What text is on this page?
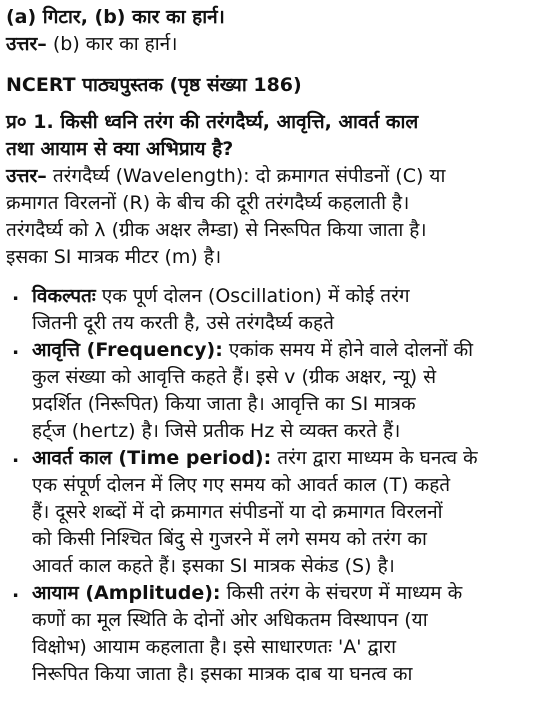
(a) गिटार, (b) कार का हार्न।
उत्तर– (b) कार का हार्न।
NCERT पाठ्यपुस्तक (पृष्ठ संख्या 186)
प्र० 1. किसी ध्वनि तरंग की तरंगदैर्घ्य, आवृत्ति, आवर्त काल
तथा आयाम से क्या अभिप्राय है?
उत्तर– तरंगदैर्घ्य (Wavelength): दो क्रमागत संपीडनों (C) या
क्रमागत विरलनों (R) के बीच की दूरी तरंगदैर्घ्य कहलाती है।
तरंगदैर्घ्य को λ (ग्रीक अक्षर लैम्डा) से निरूपित किया जाता है।
इसका SI मात्रक मीटर (m) है।
. विकल्पतः एक पूर्ण दोलन (Oscillation) में कोई तरंग
जितनी दूरी तय करती है, उसे तरंगदैर्घ्य कहते
. आवृत्ति (Frequency): एकांक समय में होने वाले दोलनों की
कुल संख्या को आवृत्ति कहते हैं। इसे v (ग्रीक अक्षर, न्यू) से
प्रदर्शित (निरूपित) किया जाता है। आवृत्ति का SI मात्रक
हर्ट्ज (hertz) है। जिसे प्रतीक Hz से व्यक्त करते हैं।
. आवर्त काल (Time period): तरंग द्वारा माध्यम के घनत्व के
एक संपूर्ण दोलन में लिए गए समय को आवर्त काल (T) कहते
हैं। दूसरे शब्दों में दो क्रमागत संपीडनों या दो क्रमागत विरलनों
को किसी निश्चित बिंदु से गुजरने में लगे समय को तरंग का
आवर्त काल कहते हैं। इसका SI मात्रक सेकंड (S) है।
. आयाम (Amplitude): किसी तरंग के संचरण में माध्यम के
कणों का मूल स्थिति के दोनों ओर अधिकतम विस्थापन (या
विक्षोभ) आयाम कहलाता है। इसे साधारणतः 'A' द्वारा
निरूपित किया जाता है। इसका मात्रक दाब या घनत्व का
